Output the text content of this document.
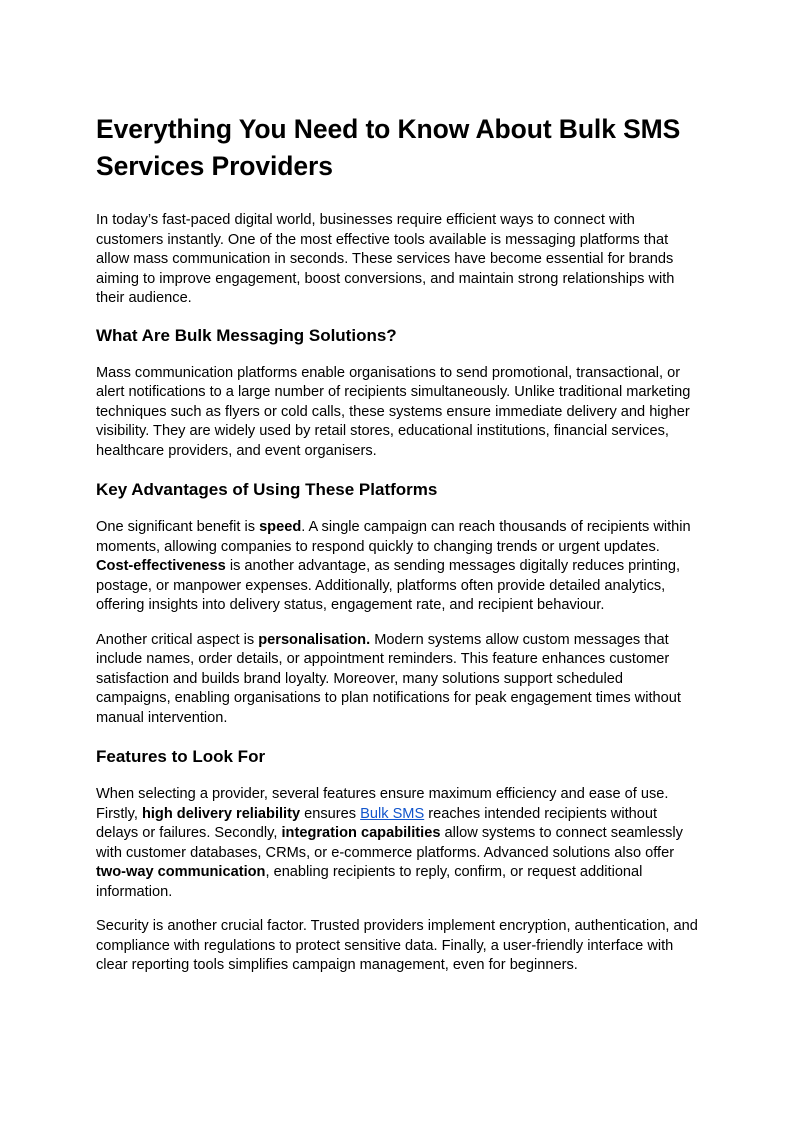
Everything You Need to Know About Bulk SMS Services Providers

In today’s fast-paced digital world, businesses require efficient ways to connect with customers instantly. One of the most effective tools available is messaging platforms that allow mass communication in seconds. These services have become essential for brands aiming to improve engagement, boost conversions, and maintain strong relationships with their audience.

What Are Bulk Messaging Solutions?

Mass communication platforms enable organisations to send promotional, transactional, or alert notifications to a large number of recipients simultaneously. Unlike traditional marketing techniques such as flyers or cold calls, these systems ensure immediate delivery and higher visibility. They are widely used by retail stores, educational institutions, financial services, healthcare providers, and event organisers.

Key Advantages of Using These Platforms

One significant benefit is speed. A single campaign can reach thousands of recipients within moments, allowing companies to respond quickly to changing trends or urgent updates. Cost-effectiveness is another advantage, as sending messages digitally reduces printing, postage, or manpower expenses. Additionally, platforms often provide detailed analytics, offering insights into delivery status, engagement rate, and recipient behaviour.

Another critical aspect is personalisation. Modern systems allow custom messages that include names, order details, or appointment reminders. This feature enhances customer satisfaction and builds brand loyalty. Moreover, many solutions support scheduled campaigns, enabling organisations to plan notifications for peak engagement times without manual intervention.

Features to Look For

When selecting a provider, several features ensure maximum efficiency and ease of use. Firstly, high delivery reliability ensures Bulk SMS reaches intended recipients without delays or failures. Secondly, integration capabilities allow systems to connect seamlessly with customer databases, CRMs, or e-commerce platforms. Advanced solutions also offer two-way communication, enabling recipients to reply, confirm, or request additional information.

Security is another crucial factor. Trusted providers implement encryption, authentication, and compliance with regulations to protect sensitive data. Finally, a user-friendly interface with clear reporting tools simplifies campaign management, even for beginners.
